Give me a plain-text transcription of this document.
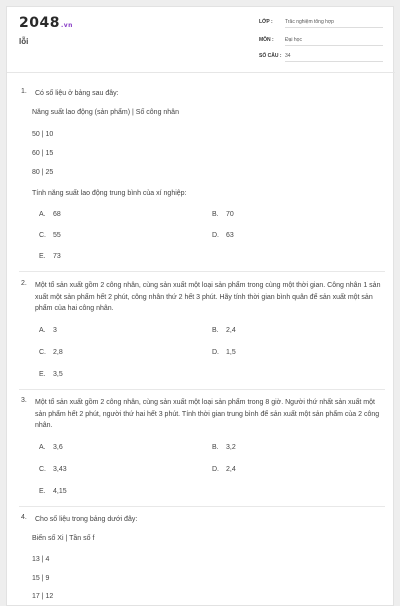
2048.vn
lỗi
LỚP : Trắc nghiệm tổng hợp
MÔN : Đại học
SỐ CÂU : 34
1. Có số liệu ở bảng sau đây:
Năng suất lao động (sản phẩm) | Số công nhân
50 | 10
60 | 15
80 | 25
Tính năng suất lao động trung bình của xí nghiệp:
A. 68	B. 70
C. 55	D. 63
E. 73
2. Một tổ sản xuất gồm 2 công nhân, cùng sản xuất một loại sản phẩm trong cùng một thời gian. Công nhân 1 sản xuất một sản phẩm hết 2 phút, công nhân thứ 2 hết 3 phút. Hãy tính thời gian bình quân để sản xuất một sản phẩm của hai công nhân.
A. 3	B. 2,4
C. 2,8	D. 1,5
E. 3,5
3. Một tổ sản xuất gồm 2 công nhân, cùng sản xuất một loại sản phẩm trong 8 giờ. Người thứ nhất sản xuất một sản phẩm hết 2 phút, người thứ hai hết 3 phút. Tính thời gian trung bình để sản xuất một sản phẩm của 2 công nhân.
A. 3,6	B. 3,2
C. 3,43	D. 2,4
E. 4,15
4. Cho số liệu trong bảng dưới đây:
Biến số Xi | Tần số f
13 | 4
15 | 9
17 | 12
